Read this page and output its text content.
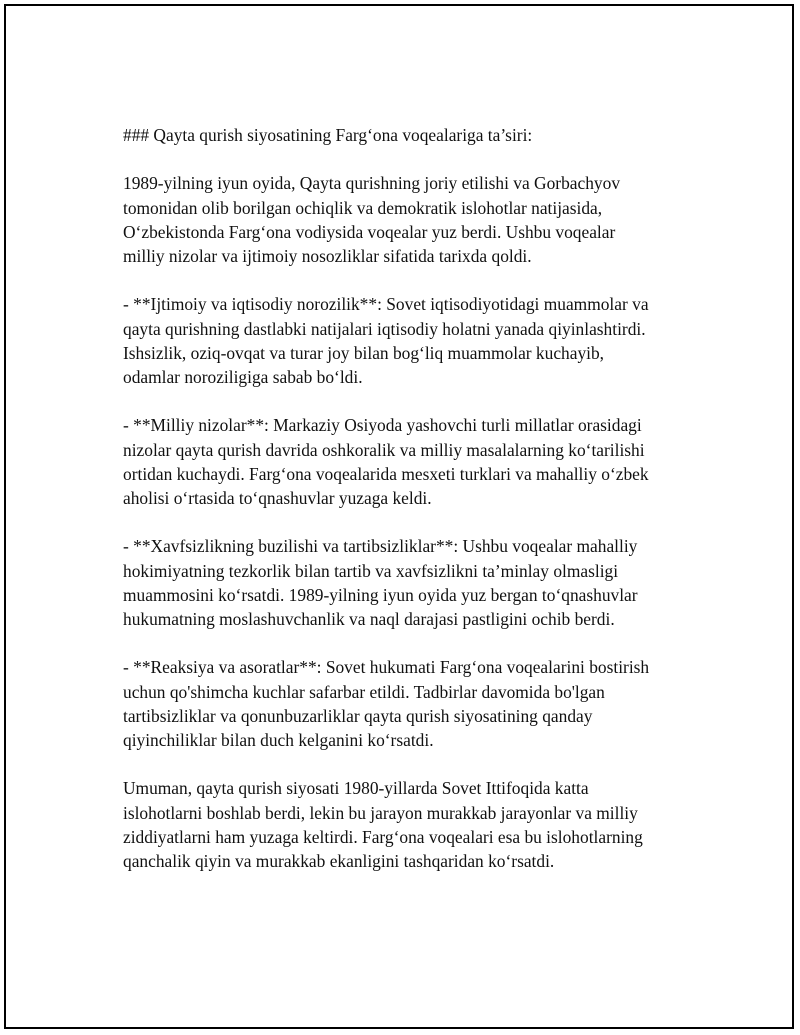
### Qayta qurish siyosatining Farg‘ona voqealariga ta’siri:

1989-yilning iyun oyida, Qayta qurishning joriy etilishi va Gorbachyov
tomonidan olib borilgan ochiqlik va demokratik islohotlar natijasida,
O‘zbekistonda Farg‘ona vodiysida voqealar yuz berdi. Ushbu voqealar
milliy nizolar va ijtimoiy nosozliklar sifatida tarixda qoldi.

- **Ijtimoiy va iqtisodiy norozilik**: Sovet iqtisodiyotidagi muammolar va
qayta qurishning dastlabki natijalari iqtisodiy holatni yanada qiyinlashtirdi.
Ishsizlik, oziq-ovqat va turar joy bilan bog‘liq muammolar kuchayib,
odamlar noroziligiga sabab bo‘ldi.

- **Milliy nizolar**: Markaziy Osiyoda yashovchi turli millatlar orasidagi
nizolar qayta qurish davrida oshkoralik va milliy masalalarning ko‘tarilishi
ortidan kuchaydi. Farg‘ona voqealarida mesxeti turklari va mahalliy o‘zbek
aholisi o‘rtasida to‘qnashuvlar yuzaga keldi.

- **Xavfsizlikning buzilishi va tartibsizliklar**: Ushbu voqealar mahalliy
hokimiyatning tezkorlik bilan tartib va xavfsizlikni ta’minlay olmasligi
muammosini ko‘rsatdi. 1989-yilning iyun oyida yuz bergan to‘qnashuvlar
hukumatning moslashuvchanlik va naql darajasi pastligini ochib berdi.

- **Reaksiya va asoratlar**: Sovet hukumati Farg‘ona voqealarini bostirish
uchun qo'shimcha kuchlar safarbar etildi. Tadbirlar davomida bo'lgan
tartibsizliklar va qonunbuzarliklar qayta qurish siyosatining qanday
qiyinchiliklar bilan duch kelganini ko‘rsatdi.

Umuman, qayta qurish siyosati 1980-yillarda Sovet Ittifoqida katta
islohotlarni boshlab berdi, lekin bu jarayon murakkab jarayonlar va milliy
ziddiyatlarni ham yuzaga keltirdi. Farg‘ona voqealari esa bu islohotlarning
qanchalik qiyin va murakkab ekanligini tashqaridan ko‘rsatdi.
